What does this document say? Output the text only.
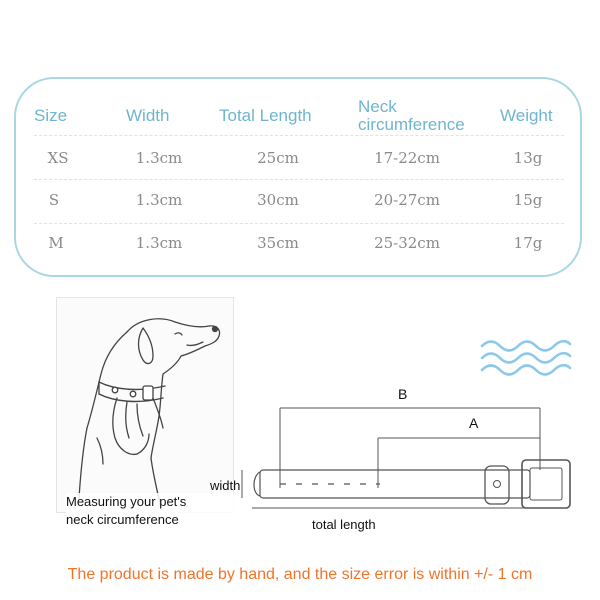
Size	Width	Total Length	Neck circumference	Weight
XS	1.3cm	25cm	17-22cm	13g
S	1.3cm	30cm	20-27cm	15g
M	1.3cm	35cm	25-32cm	17g
Measuring your pet's
neck circumference
B
A
width
total length
The product is made by hand, and the size error is within +/- 1 cm
